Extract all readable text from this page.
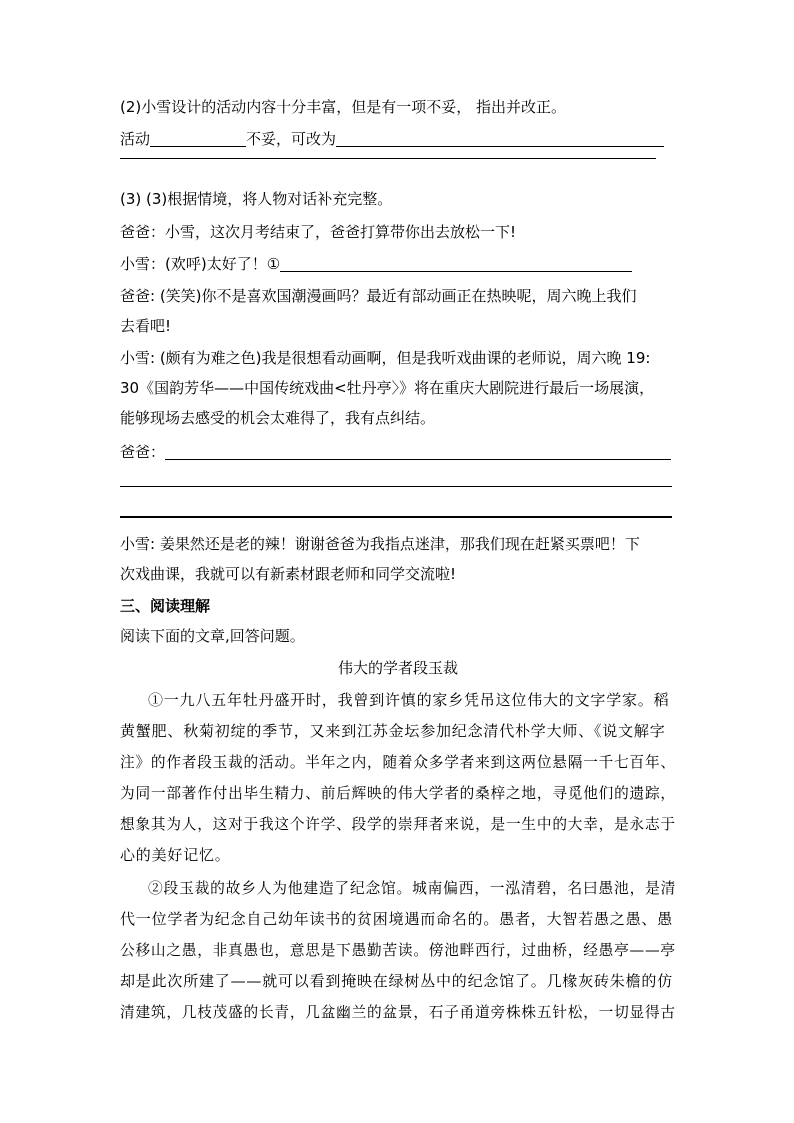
(2)小雪设计的活动内容十分丰富，但是有一项不妥， 指出并改正。
活动	不妥，可改为
(3) (3)根据情境，将人物对话补充完整。
爸爸：小雪，这次月考结束了，爸爸打算带你出去放松一下!
小雪：(欢呼)太好了！①
爸爸: (笑笑)你不是喜欢国潮漫画吗？最近有部动画正在热映呢，周六晚上我们
去看吧!
小雪: (颇有为难之色)我是很想看动画啊，但是我听戏曲课的老师说，周六晚 19:
30《国韵芳华——中国传统戏曲<牡丹亭〉》将在重庆大剧院进行最后一场展演，
能够现场去感受的机会太难得了，我有点纠结。
爸爸：
小雪: 姜果然还是老的辣！谢谢爸爸为我指点迷津，那我们现在赶紧买票吧！下
次戏曲课，我就可以有新素材跟老师和同学交流啦!
三、阅读理解
阅读下面的文章,回答问题。
伟大的学者段玉裁
①一九八五年牡丹盛开时，我曾到许慎的家乡凭吊这位伟大的文字学家。稻
黄蟹肥、秋菊初绽的季节，又来到江苏金坛参加纪念清代朴学大师、《说文解字
注》的作者段玉裁的活动。半年之内，随着众多学者来到这两位悬隔一千七百年、
为同一部著作付出毕生精力、前后辉映的伟大学者的桑梓之地，寻觅他们的遗踪，
想象其为人，这对于我这个许学、段学的崇拜者来说，是一生中的大幸，是永志于
心的美好记忆。
②段玉裁的故乡人为他建造了纪念馆。城南偏西，一泓清碧，名曰愚池，是清
代一位学者为纪念自己幼年读书的贫困境遇而命名的。愚者，大智若愚之愚、愚
公移山之愚，非真愚也，意思是下愚勤苦读。傍池畔西行，过曲桥，经愚亭——亭
却是此次所建了——就可以看到掩映在绿树丛中的纪念馆了。几椽灰砖朱檐的仿
清建筑，几枝茂盛的长青，几盆幽兰的盆景，石子甬道旁株株五针松，一切显得古
